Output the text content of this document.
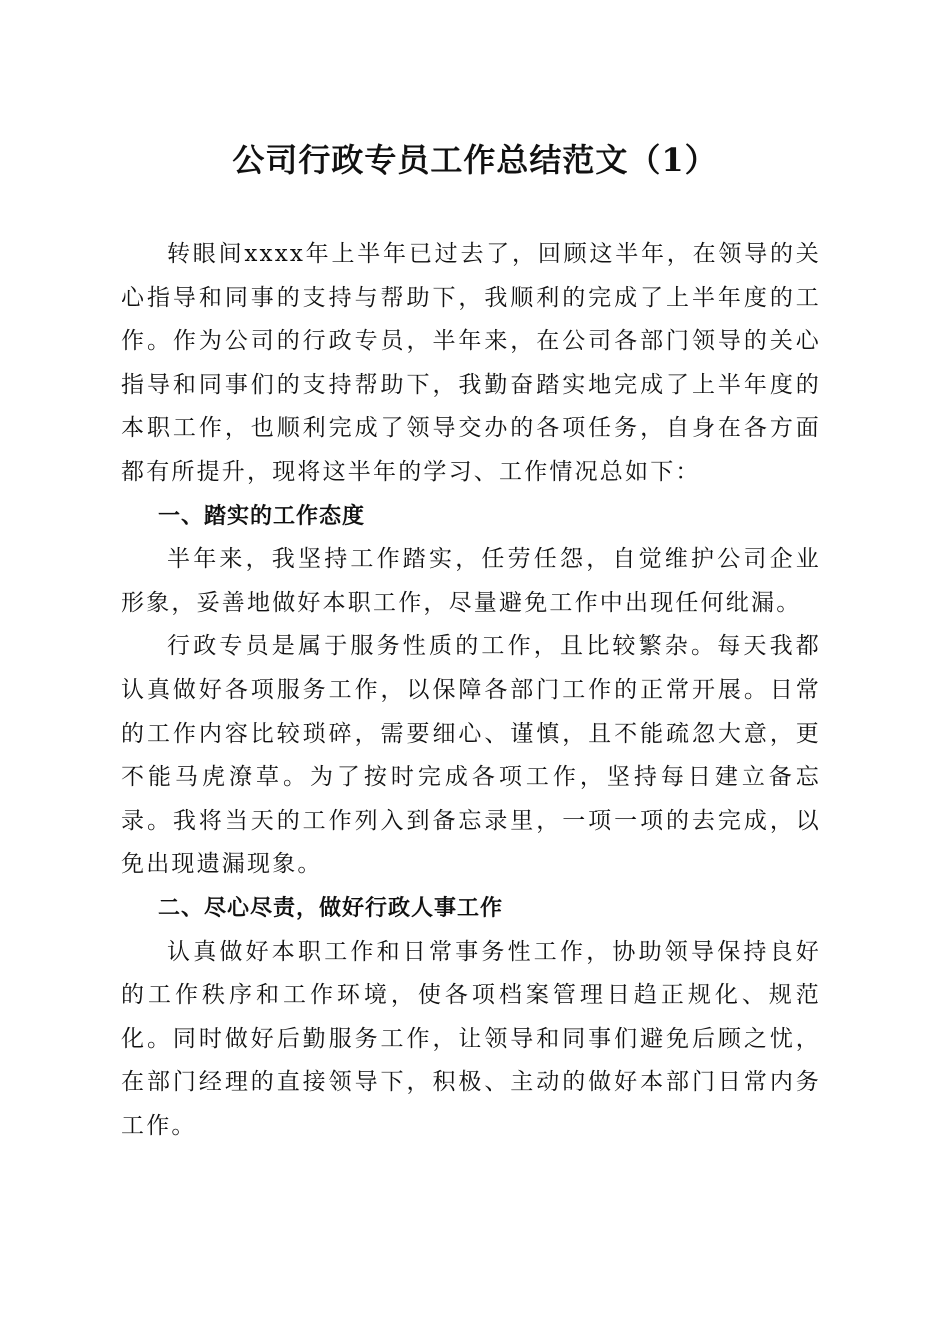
公司行政专员工作总结范文（1）

转眼间xxxx年上半年已过去了，回顾这半年，在领导的关心指导和同事的支持与帮助下，我顺利的完成了上半年度的工作。作为公司的行政专员，半年来，在公司各部门领导的关心指导和同事们的支持帮助下，我勤奋踏实地完成了上半年度的本职工作，也顺利完成了领导交办的各项任务，自身在各方面都有所提升，现将这半年的学习、工作情况总如下：

一、踏实的工作态度

半年来，我坚持工作踏实，任劳任怨，自觉维护公司企业形象，妥善地做好本职工作，尽量避免工作中出现任何纰漏。

行政专员是属于服务性质的工作，且比较繁杂。每天我都认真做好各项服务工作，以保障各部门工作的正常开展。日常的工作内容比较琐碎，需要细心、谨慎，且不能疏忽大意，更不能马虎潦草。为了按时完成各项工作，坚持每日建立备忘录。我将当天的工作列入到备忘录里，一项一项的去完成，以免出现遗漏现象。

二、尽心尽责，做好行政人事工作

认真做好本职工作和日常事务性工作，协助领导保持良好的工作秩序和工作环境，使各项档案管理日趋正规化、规范化。同时做好后勤服务工作，让领导和同事们避免后顾之忧，在部门经理的直接领导下，积极、主动的做好本部门日常内务工作。
